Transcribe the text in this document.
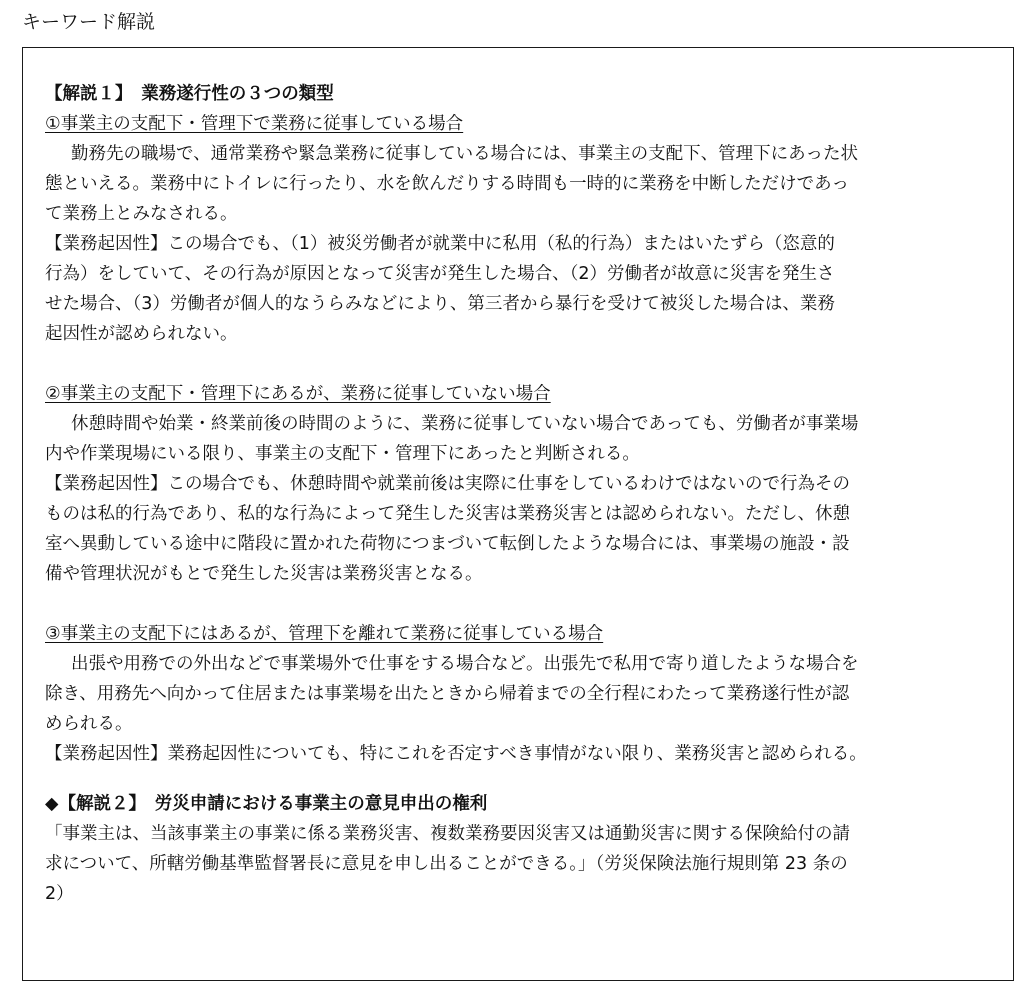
キーワード解説
【解説１】　業務遂行性の３つの類型
①事業主の支配下・管理下で業務に従事している場合
勤務先の職場で、通常業務や緊急業務に従事している場合には、事業主の支配下、管理下にあった状
態といえる。業務中にトイレに行ったり、水を飲んだりする時間も一時的に業務を中断しただけであっ
て業務上とみなされる。
【業務起因性】この場合でも、（1）被災労働者が就業中に私用（私的行為）またはいたずら（恣意的
行為）をしていて、その行為が原因となって災害が発生した場合、（2）労働者が故意に災害を発生さ
せた場合、（3）労働者が個人的なうらみなどにより、第三者から暴行を受けて被災した場合は、業務
起因性が認められない。
②事業主の支配下・管理下にあるが、業務に従事していない場合
休憩時間や始業・終業前後の時間のように、業務に従事していない場合であっても、労働者が事業場
内や作業現場にいる限り、事業主の支配下・管理下にあったと判断される。
【業務起因性】この場合でも、休憩時間や就業前後は実際に仕事をしているわけではないので行為その
ものは私的行為であり、私的な行為によって発生した災害は業務災害とは認められない。ただし、休憩
室へ異動している途中に階段に置かれた荷物につまづいて転倒したような場合には、事業場の施設・設
備や管理状況がもとで発生した災害は業務災害となる。
③事業主の支配下にはあるが、管理下を離れて業務に従事している場合
出張や用務での外出などで事業場外で仕事をする場合など。出張先で私用で寄り道したような場合を
除き、用務先へ向かって住居または事業場を出たときから帰着までの全行程にわたって業務遂行性が認
められる。
【業務起因性】業務起因性についても、特にこれを否定すべき事情がない限り、業務災害と認められる。
◆【解説２】　労災申請における事業主の意見申出の権利
「事業主は、当該事業主の事業に係る業務災害、複数業務要因災害又は通勤災害に関する保険給付の請
求について、所轄労働基準監督署長に意見を申し出ることができる。」（労災保険法施行規則第 23 条の
2）
